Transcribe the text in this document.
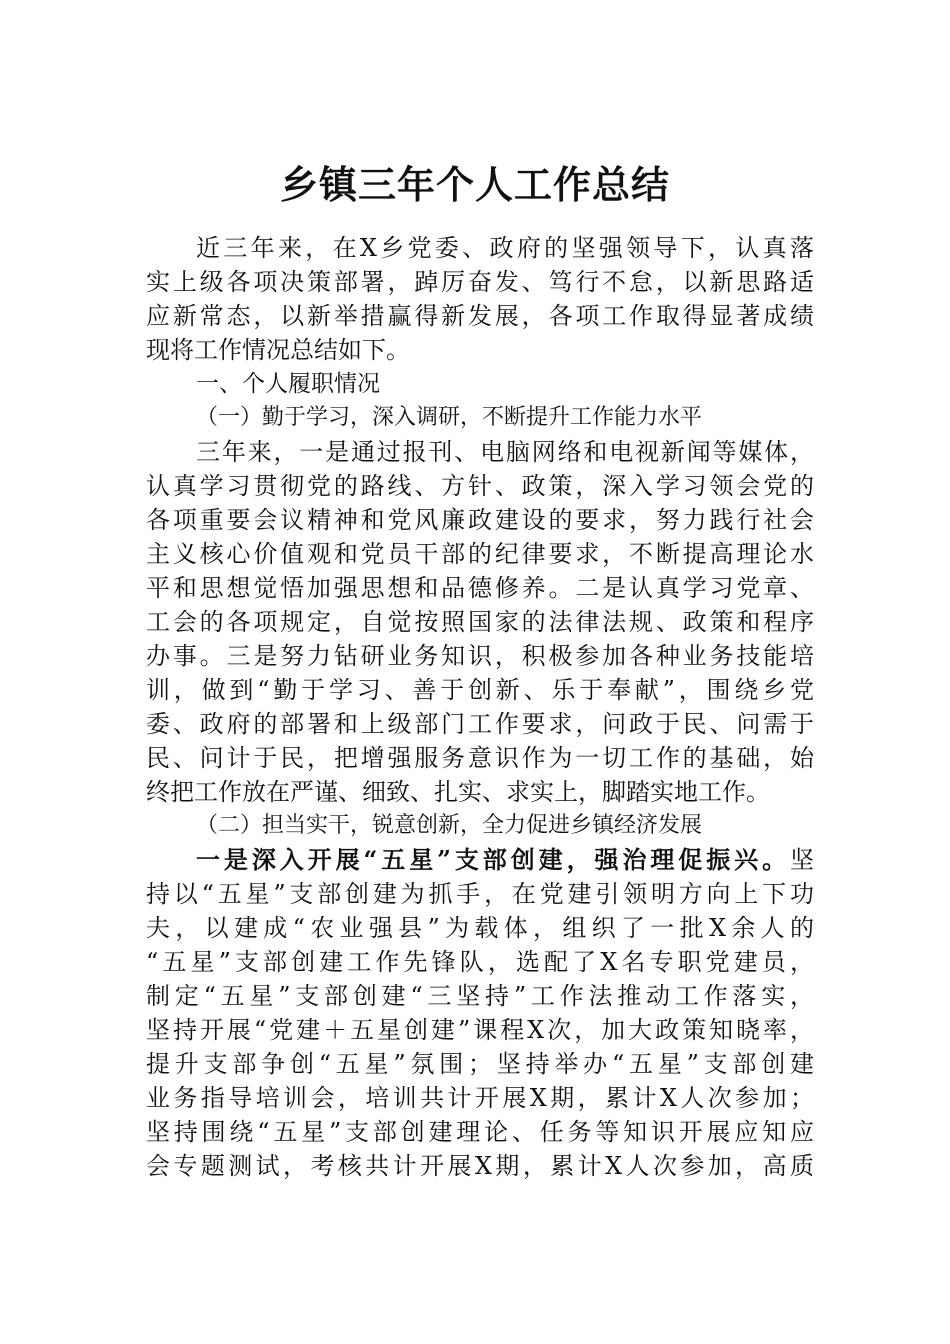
乡镇三年个人工作总结
近三年来，在X乡党委、政府的坚强领导下，认真落
实上级各项决策部署，踔厉奋发、笃行不怠，以新思路适
应新常态，以新举措赢得新发展，各项工作取得显著成绩
现将工作情况总结如下。
一、个人履职情况
（一）勤于学习，深入调研，不断提升工作能力水平
三年来，一是通过报刊、电脑网络和电视新闻等媒体，
认真学习贯彻党的路线、方针、政策，深入学习领会党的
各项重要会议精神和党风廉政建设的要求，努力践行社会
主义核心价值观和党员干部的纪律要求，不断提高理论水
平和思想觉悟加强思想和品德修养。二是认真学习党章、
工会的各项规定，自觉按照国家的法律法规、政策和程序
办事。三是努力钻研业务知识，积极参加各种业务技能培
训，做到“勤于学习、善于创新、乐于奉献”，围绕乡党
委、政府的部署和上级部门工作要求，问政于民、问需于
民、问计于民，把增强服务意识作为一切工作的基础，始
终把工作放在严谨、细致、扎实、求实上，脚踏实地工作。
（二）担当实干，锐意创新，全力促进乡镇经济发展
一是深入开展“五星”支部创建，强治理促振兴。坚
持以“五星”支部创建为抓手，在党建引领明方向上下功
夫，以建成“农业强县”为载体，组织了一批X余人的
“五星”支部创建工作先锋队，选配了X名专职党建员，
制定“五星”支部创建“三坚持”工作法推动工作落实，
坚持开展“党建＋五星创建”课程X次，加大政策知晓率，
提升支部争创“五星”氛围；坚持举办“五星”支部创建
业务指导培训会，培训共计开展X期，累计X人次参加；
坚持围绕“五星”支部创建理论、任务等知识开展应知应
会专题测试，考核共计开展X期，累计X人次参加，高质
